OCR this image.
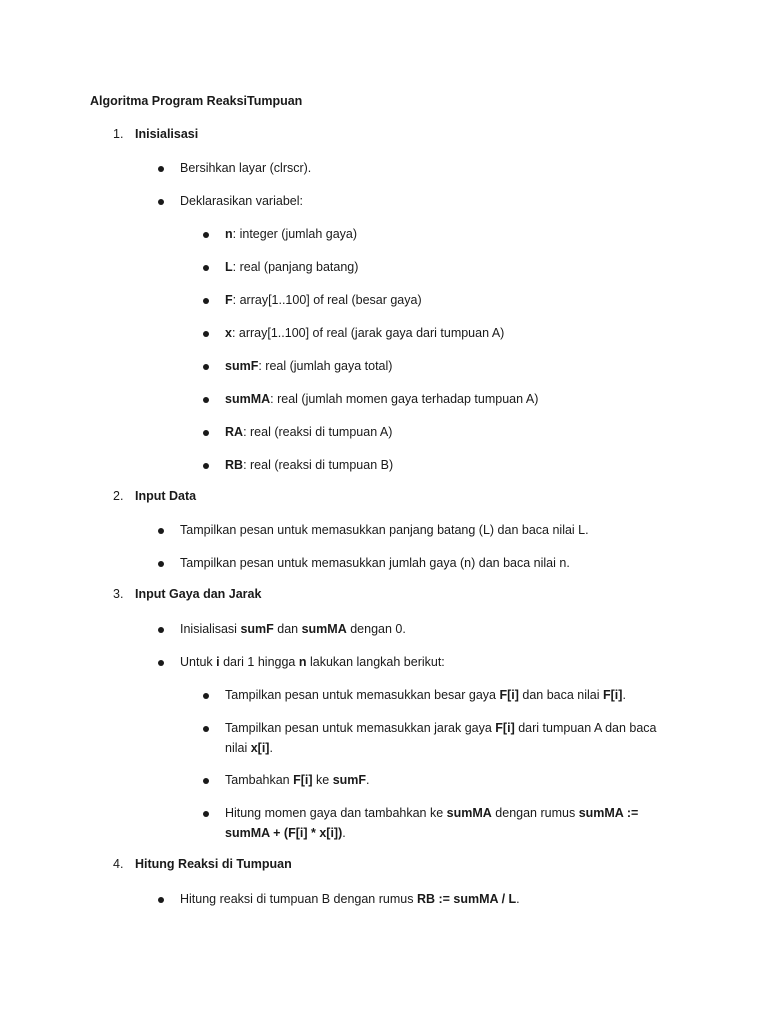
Algoritma Program ReaksiTumpuan
1. Inisialisasi
Bersihkan layar (clrscr).
Deklarasikan variabel:
n: integer (jumlah gaya)
L: real (panjang batang)
F: array[1..100] of real (besar gaya)
x: array[1..100] of real (jarak gaya dari tumpuan A)
sumF: real (jumlah gaya total)
sumMA: real (jumlah momen gaya terhadap tumpuan A)
RA: real (reaksi di tumpuan A)
RB: real (reaksi di tumpuan B)
2. Input Data
Tampilkan pesan untuk memasukkan panjang batang (L) dan baca nilai L.
Tampilkan pesan untuk memasukkan jumlah gaya (n) dan baca nilai n.
3. Input Gaya dan Jarak
Inisialisasi sumF dan sumMA dengan 0.
Untuk i dari 1 hingga n lakukan langkah berikut:
Tampilkan pesan untuk memasukkan besar gaya F[i] dan baca nilai F[i].
Tampilkan pesan untuk memasukkan jarak gaya F[i] dari tumpuan A dan baca
nilai x[i].
Tambahkan F[i] ke sumF.
Hitung momen gaya dan tambahkan ke sumMA dengan rumus sumMA :=
sumMA + (F[i] * x[i]).
4. Hitung Reaksi di Tumpuan
Hitung reaksi di tumpuan B dengan rumus RB := sumMA / L.
